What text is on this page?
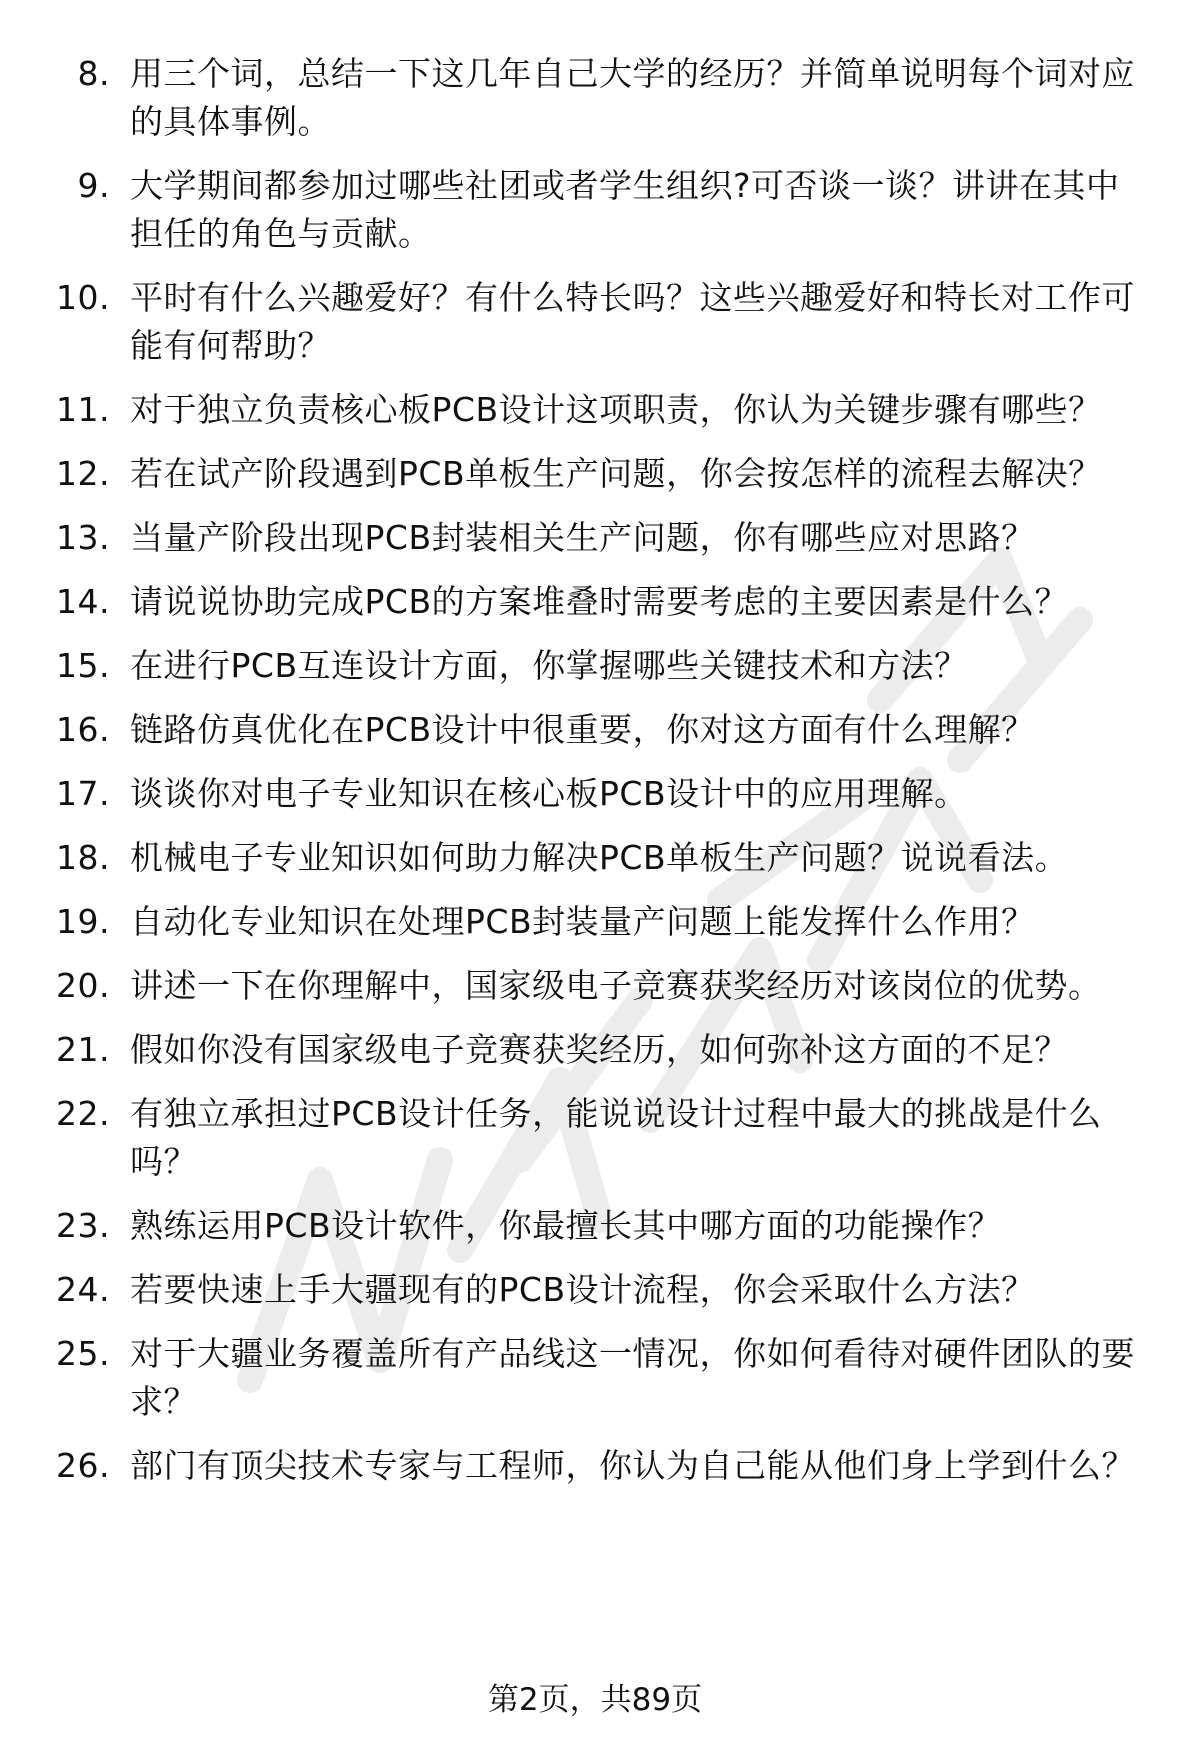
8. 用三个词，总结一下这几年自己大学的经历？并简单说明每个词对应的具体事例。
9. 大学期间都参加过哪些社团或者学生组织?可否谈一谈？讲讲在其中担任的角色与贡献。
10. 平时有什么兴趣爱好？有什么特长吗？这些兴趣爱好和特长对工作可能有何帮助？
11. 对于独立负责核心板PCB设计这项职责，你认为关键步骤有哪些？
12. 若在试产阶段遇到PCB单板生产问题，你会按怎样的流程去解决？
13. 当量产阶段出现PCB封装相关生产问题，你有哪些应对思路？
14. 请说说协助完成PCB的方案堆叠时需要考虑的主要因素是什么？
15. 在进行PCB互连设计方面，你掌握哪些关键技术和方法？
16. 链路仿真优化在PCB设计中很重要，你对这方面有什么理解？
17. 谈谈你对电子专业知识在核心板PCB设计中的应用理解。
18. 机械电子专业知识如何助力解决PCB单板生产问题？说说看法。
19. 自动化专业知识在处理PCB封装量产问题上能发挥什么作用？
20. 讲述一下在你理解中，国家级电子竞赛获奖经历对该岗位的优势。
21. 假如你没有国家级电子竞赛获奖经历，如何弥补这方面的不足？
22. 有独立承担过PCB设计任务，能说说设计过程中最大的挑战是什么吗？
23. 熟练运用PCB设计软件，你最擅长其中哪方面的功能操作？
24. 若要快速上手大疆现有的PCB设计流程，你会采取什么方法？
25. 对于大疆业务覆盖所有产品线这一情况，你如何看待对硬件团队的要求？
26. 部门有顶尖技术专家与工程师，你认为自己能从他们身上学到什么？
第2页，共89页
